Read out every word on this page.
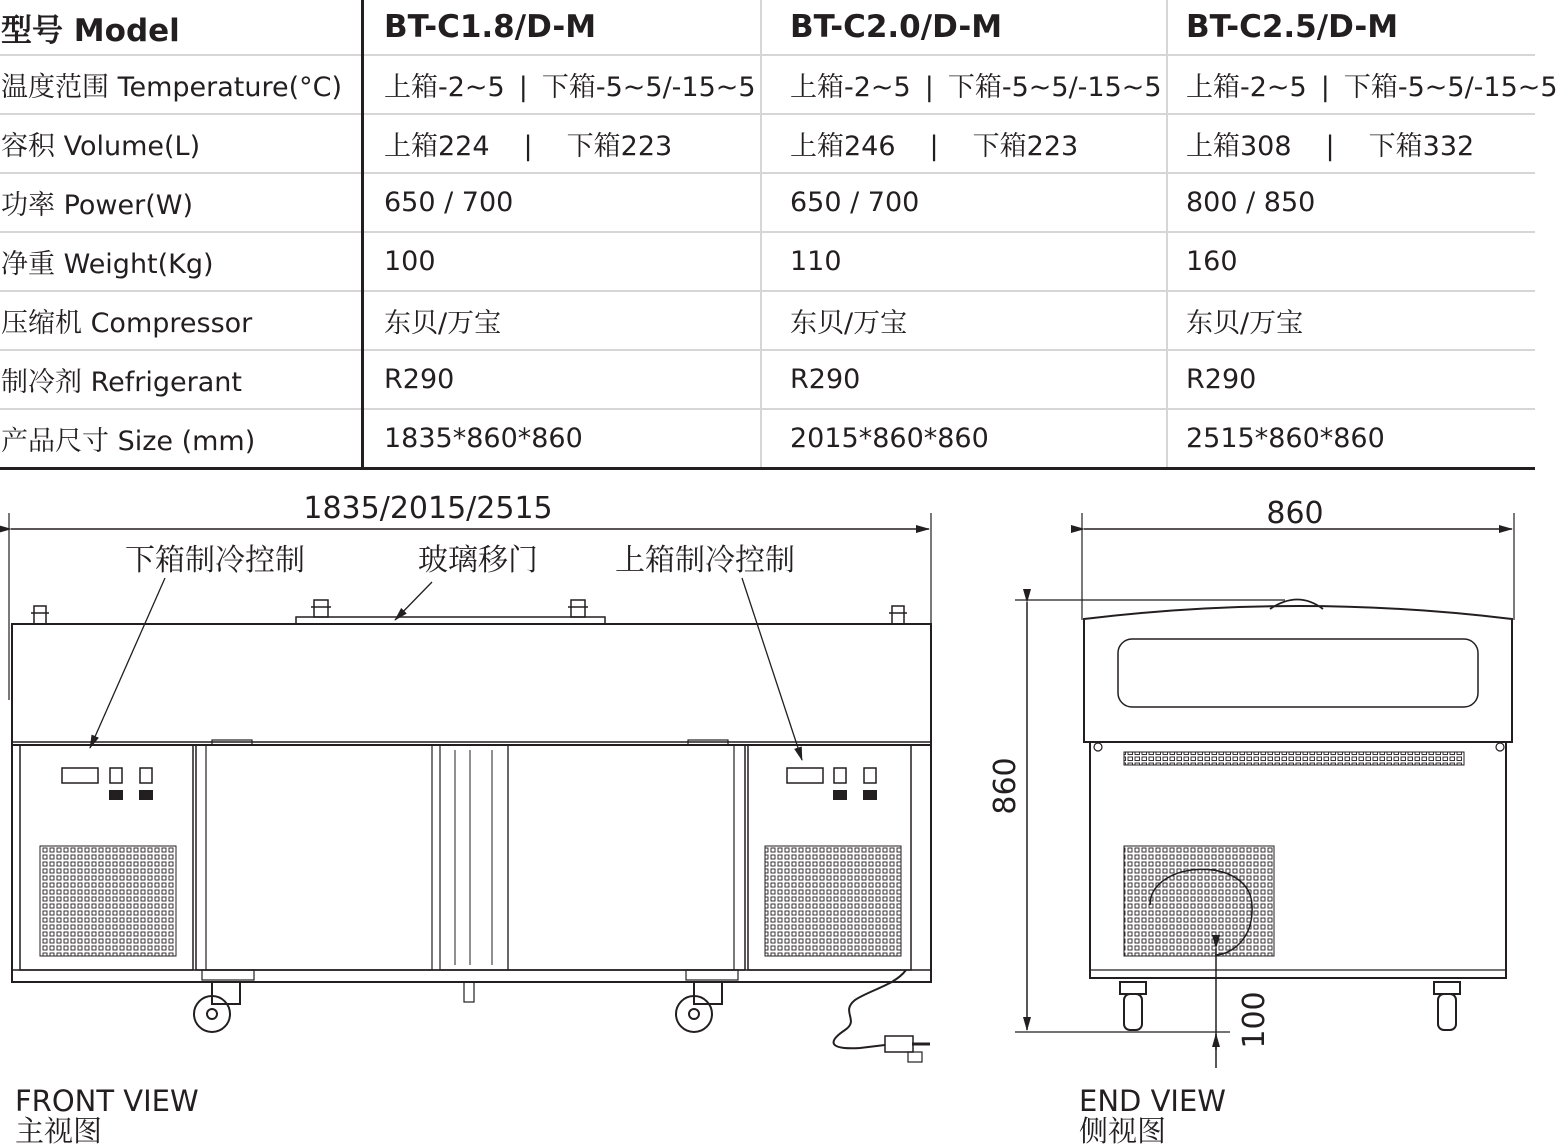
型号 Model	BT-C1.8/D-M	BT-C2.0/D-M	BT-C2.5/D-M
温度范围 Temperature(°C)	上箱-2~5 | 下箱-5~5/-15~5	上箱-2~5 | 下箱-5~5/-15~5	上箱-2~5 | 下箱-5~5/-15~5
容积 Volume(L)	上箱224 | 下箱223	上箱246 | 下箱223	上箱308 | 下箱332
功率 Power(W)	650 / 700	650 / 700	800 / 850
净重 Weight(Kg)	100	110	160
压缩机 Compressor	东贝/万宝	东贝/万宝	东贝/万宝
制冷剂 Refrigerant	R290	R290	R290
产品尺寸 Size (mm)	1835*860*860	2015*860*860	2515*860*860
1835/2015/2515
下箱制冷控制	玻璃移门	上箱制冷控制
860
860
100
FRONT VIEW
主视图
END VIEW
侧视图
